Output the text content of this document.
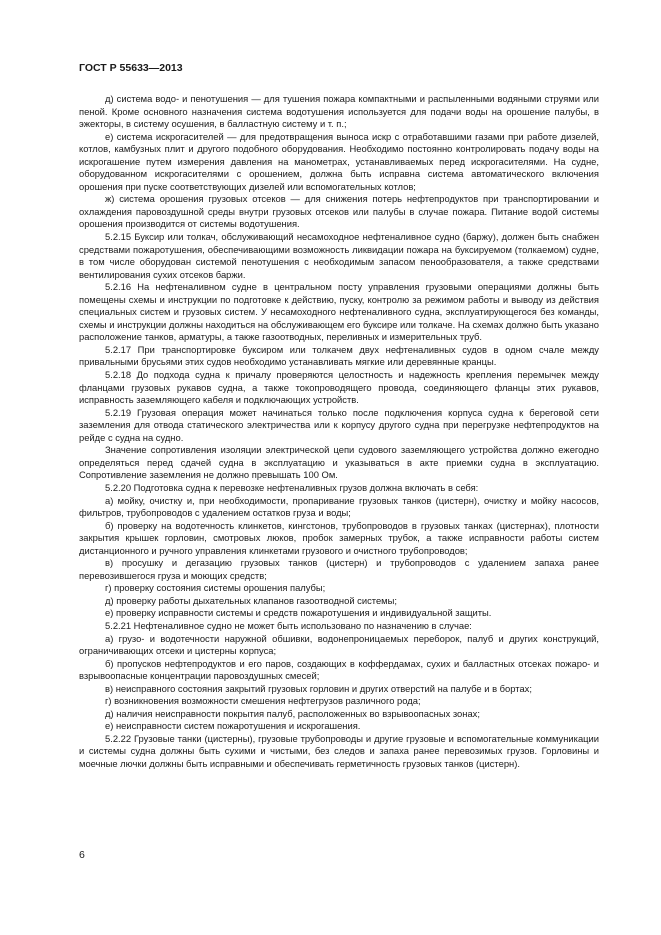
ГОСТ Р 55633—2013

д) система водо- и пенотушения — для тушения пожара компактными и распыленными водяными струями или пеной. Кроме основного назначения система водотушения используется для подачи воды на орошение палубы, в эжекторы, в систему осушения, в балластную систему и т. п.;

е) система искрогасителей — для предотвращения выноса искр с отработавшими газами при работе дизелей, котлов, камбузных плит и другого подобного оборудования. Необходимо постоянно контролировать подачу воды на искрогашение путем измерения давления на манометрах, устанавливаемых перед искрогасителями. На судне, оборудованном искрогасителями с орошением, должна быть исправна система автоматического включения орошения при пуске соответствующих дизелей или вспомогательных котлов;

ж) система орошения грузовых отсеков — для снижения потерь нефтепродуктов при транспортировании и охлаждения паровоздушной среды внутри грузовых отсеков или палубы в случае пожара. Питание водой системы орошения производится от системы водотушения.

5.2.15 Буксир или толкач, обслуживающий несамоходное нефтеналивное судно (баржу), должен быть снабжен средствами пожаротушения, обеспечивающими возможность ликвидации пожара на буксируемом (толкаемом) судне, в том числе оборудован системой пенотушения с необходимым запасом пенообразователя, а также средствами вентилирования сухих отсеков баржи.

5.2.16 На нефтеналивном судне в центральном посту управления грузовыми операциями должны быть помещены схемы и инструкции по подготовке к действию, пуску, контролю за режимом работы и выводу из действия специальных систем и грузовых систем. У несамоходного нефтеналивного судна, эксплуатирующегося без команды, схемы и инструкции должны находиться на обслуживающем его буксире или толкаче. На схемах должно быть указано расположение танков, арматуры, а также газоотводных, переливных и измерительных труб.

5.2.17 При транспортировке буксиром или толкачем двух нефтеналивных судов в одном счале между привальными брусьями этих судов необходимо устанавливать мягкие или деревянные кранцы.

5.2.18 До подхода судна к причалу проверяются целостность и надежность крепления перемычек между фланцами грузовых рукавов судна, а также токопроводящего провода, соединяющего фланцы этих рукавов, исправность заземляющего кабеля и подключающих устройств.

5.2.19 Грузовая операция может начинаться только после подключения корпуса судна к береговой сети заземления для отвода статического электричества или к корпусу другого судна при перегрузке нефтепродуктов на рейде с судна на судно.

Значение сопротивления изоляции электрической цепи судового заземляющего устройства должно ежегодно определяться перед сдачей судна в эксплуатацию и указываться в акте приемки судна в эксплуатацию. Сопротивление заземления не должно превышать 100 Ом.

5.2.20 Подготовка судна к перевозке нефтеналивных грузов должна включать в себя:

а) мойку, очистку и, при необходимости, пропаривание грузовых танков (цистерн), очистку и мойку насосов, фильтров, трубопроводов с удалением остатков груза и воды;

б) проверку на водотечность клинкетов, кингстонов, трубопроводов в грузовых танках (цистернах), плотности закрытия крышек горловин, смотровых люков, пробок замерных трубок, а также исправности работы систем дистанционного и ручного управления клинкетами грузового и очистного трубопроводов;

в) просушку и дегазацию грузовых танков (цистерн) и трубопроводов с удалением запаха ранее перевозившегося груза и моющих средств;

г) проверку состояния системы орошения палубы;

д) проверку работы дыхательных клапанов газоотводной системы;

е) проверку исправности системы и средств пожаротушения и индивидуальной защиты.

5.2.21 Нефтеналивное судно не может быть использовано по назначению в случае:

а) грузо- и водотечности наружной обшивки, водонепроницаемых переборок, палуб и других конструкций, ограничивающих отсеки и цистерны корпуса;

б) пропусков нефтепродуктов и его паров, создающих в коффердамах, сухих и балластных отсеках пожаро- и взрывоопасные концентрации паровоздушных смесей;

в) неисправного состояния закрытий грузовых горловин и других отверстий на палубе и в бортах;

г) возникновения возможности смешения нефтегрузов различного рода;

д) наличия неисправности покрытия палуб, расположенных во взрывоопасных зонах;

е) неисправности систем пожаротушения и искрогашения.

5.2.22 Грузовые танки (цистерны), грузовые трубопроводы и другие грузовые и вспомогательные коммуникации и системы судна должны быть сухими и чистыми, без следов и запаха ранее перевозимых грузов. Горловины и моечные лючки должны быть исправными и обеспечивать герметичность грузовых танков (цистерн).

6
